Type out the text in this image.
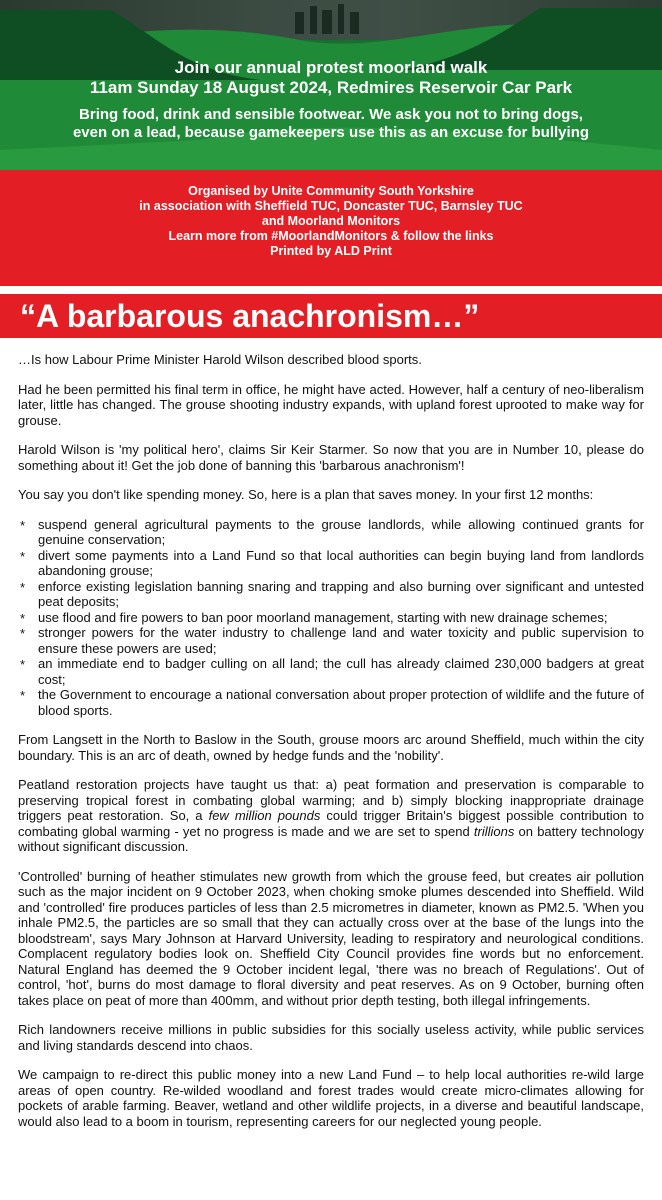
Join our annual protest moorland walk
11am Sunday 18 August 2024, Redmires Reservoir Car Park
Bring food, drink and sensible footwear. We ask you not to bring dogs,
even on a lead, because gamekeepers use this as an excuse for bullying
Organised by Unite Community South Yorkshire
in association with Sheffield TUC, Doncaster TUC, Barnsley TUC
and Moorland Monitors
Learn more from #MoorlandMonitors & follow the links
Printed by ALD Print
“A barbarous anachronism…”

…Is how Labour Prime Minister Harold Wilson described blood sports.

Had he been permitted his final term in office, he might have acted. However, half a century of neo-liberalism later, little has changed. The grouse shooting industry expands, with upland forest uprooted to make way for grouse.

Harold Wilson is 'my political hero', claims Sir Keir Starmer. So now that you are in Number 10, please do something about it! Get the job done of banning this 'barbarous anachronism'!

You say you don't like spending money. So, here is a plan that saves money. In your first 12 months:

* suspend general agricultural payments to the grouse landlords, while allowing continued grants for genuine conservation;
* divert some payments into a Land Fund so that local authorities can begin buying land from landlords abandoning grouse;
* enforce existing legislation banning snaring and trapping and also burning over significant and untested peat deposits;
* use flood and fire powers to ban poor moorland management, starting with new drainage schemes;
* stronger powers for the water industry to challenge land and water toxicity and public supervision to ensure these powers are used;
* an immediate end to badger culling on all land; the cull has already claimed 230,000 badgers at great cost;
* the Government to encourage a national conversation about proper protection of wildlife and the future of blood sports.

From Langsett in the North to Baslow in the South, grouse moors arc around Sheffield, much within the city boundary. This is an arc of death, owned by hedge funds and the 'nobility'.

Peatland restoration projects have taught us that: a) peat formation and preservation is comparable to preserving tropical forest in combating global warming; and b) simply blocking inappropriate drainage triggers peat restoration. So, a few million pounds could trigger Britain's biggest possible contribution to combating global warming - yet no progress is made and we are set to spend trillions on battery technology without significant discussion.

'Controlled' burning of heather stimulates new growth from which the grouse feed, but creates air pollution such as the major incident on 9 October 2023, when choking smoke plumes descended into Sheffield. Wild and 'controlled' fire produces particles of less than 2.5 micrometres in diameter, known as PM2.5. 'When you inhale PM2.5, the particles are so small that they can actually cross over at the base of the lungs into the bloodstream', says Mary Johnson at Harvard University, leading to respiratory and neurological conditions. Complacent regulatory bodies look on. Sheffield City Council provides fine words but no enforcement. Natural England has deemed the 9 October incident legal, 'there was no breach of Regulations'. Out of control, 'hot', burns do most damage to floral diversity and peat reserves. As on 9 October, burning often takes place on peat of more than 400mm, and without prior depth testing, both illegal infringements.

Rich landowners receive millions in public subsidies for this socially useless activity, while public services and living standards descend into chaos.

We campaign to re-direct this public money into a new Land Fund – to help local authorities re-wild large areas of open country. Re-wilded woodland and forest trades would create micro-climates allowing for pockets of arable farming. Beaver, wetland and other wildlife projects, in a diverse and beautiful landscape, would also lead to a boom in tourism, representing careers for our neglected young people.
